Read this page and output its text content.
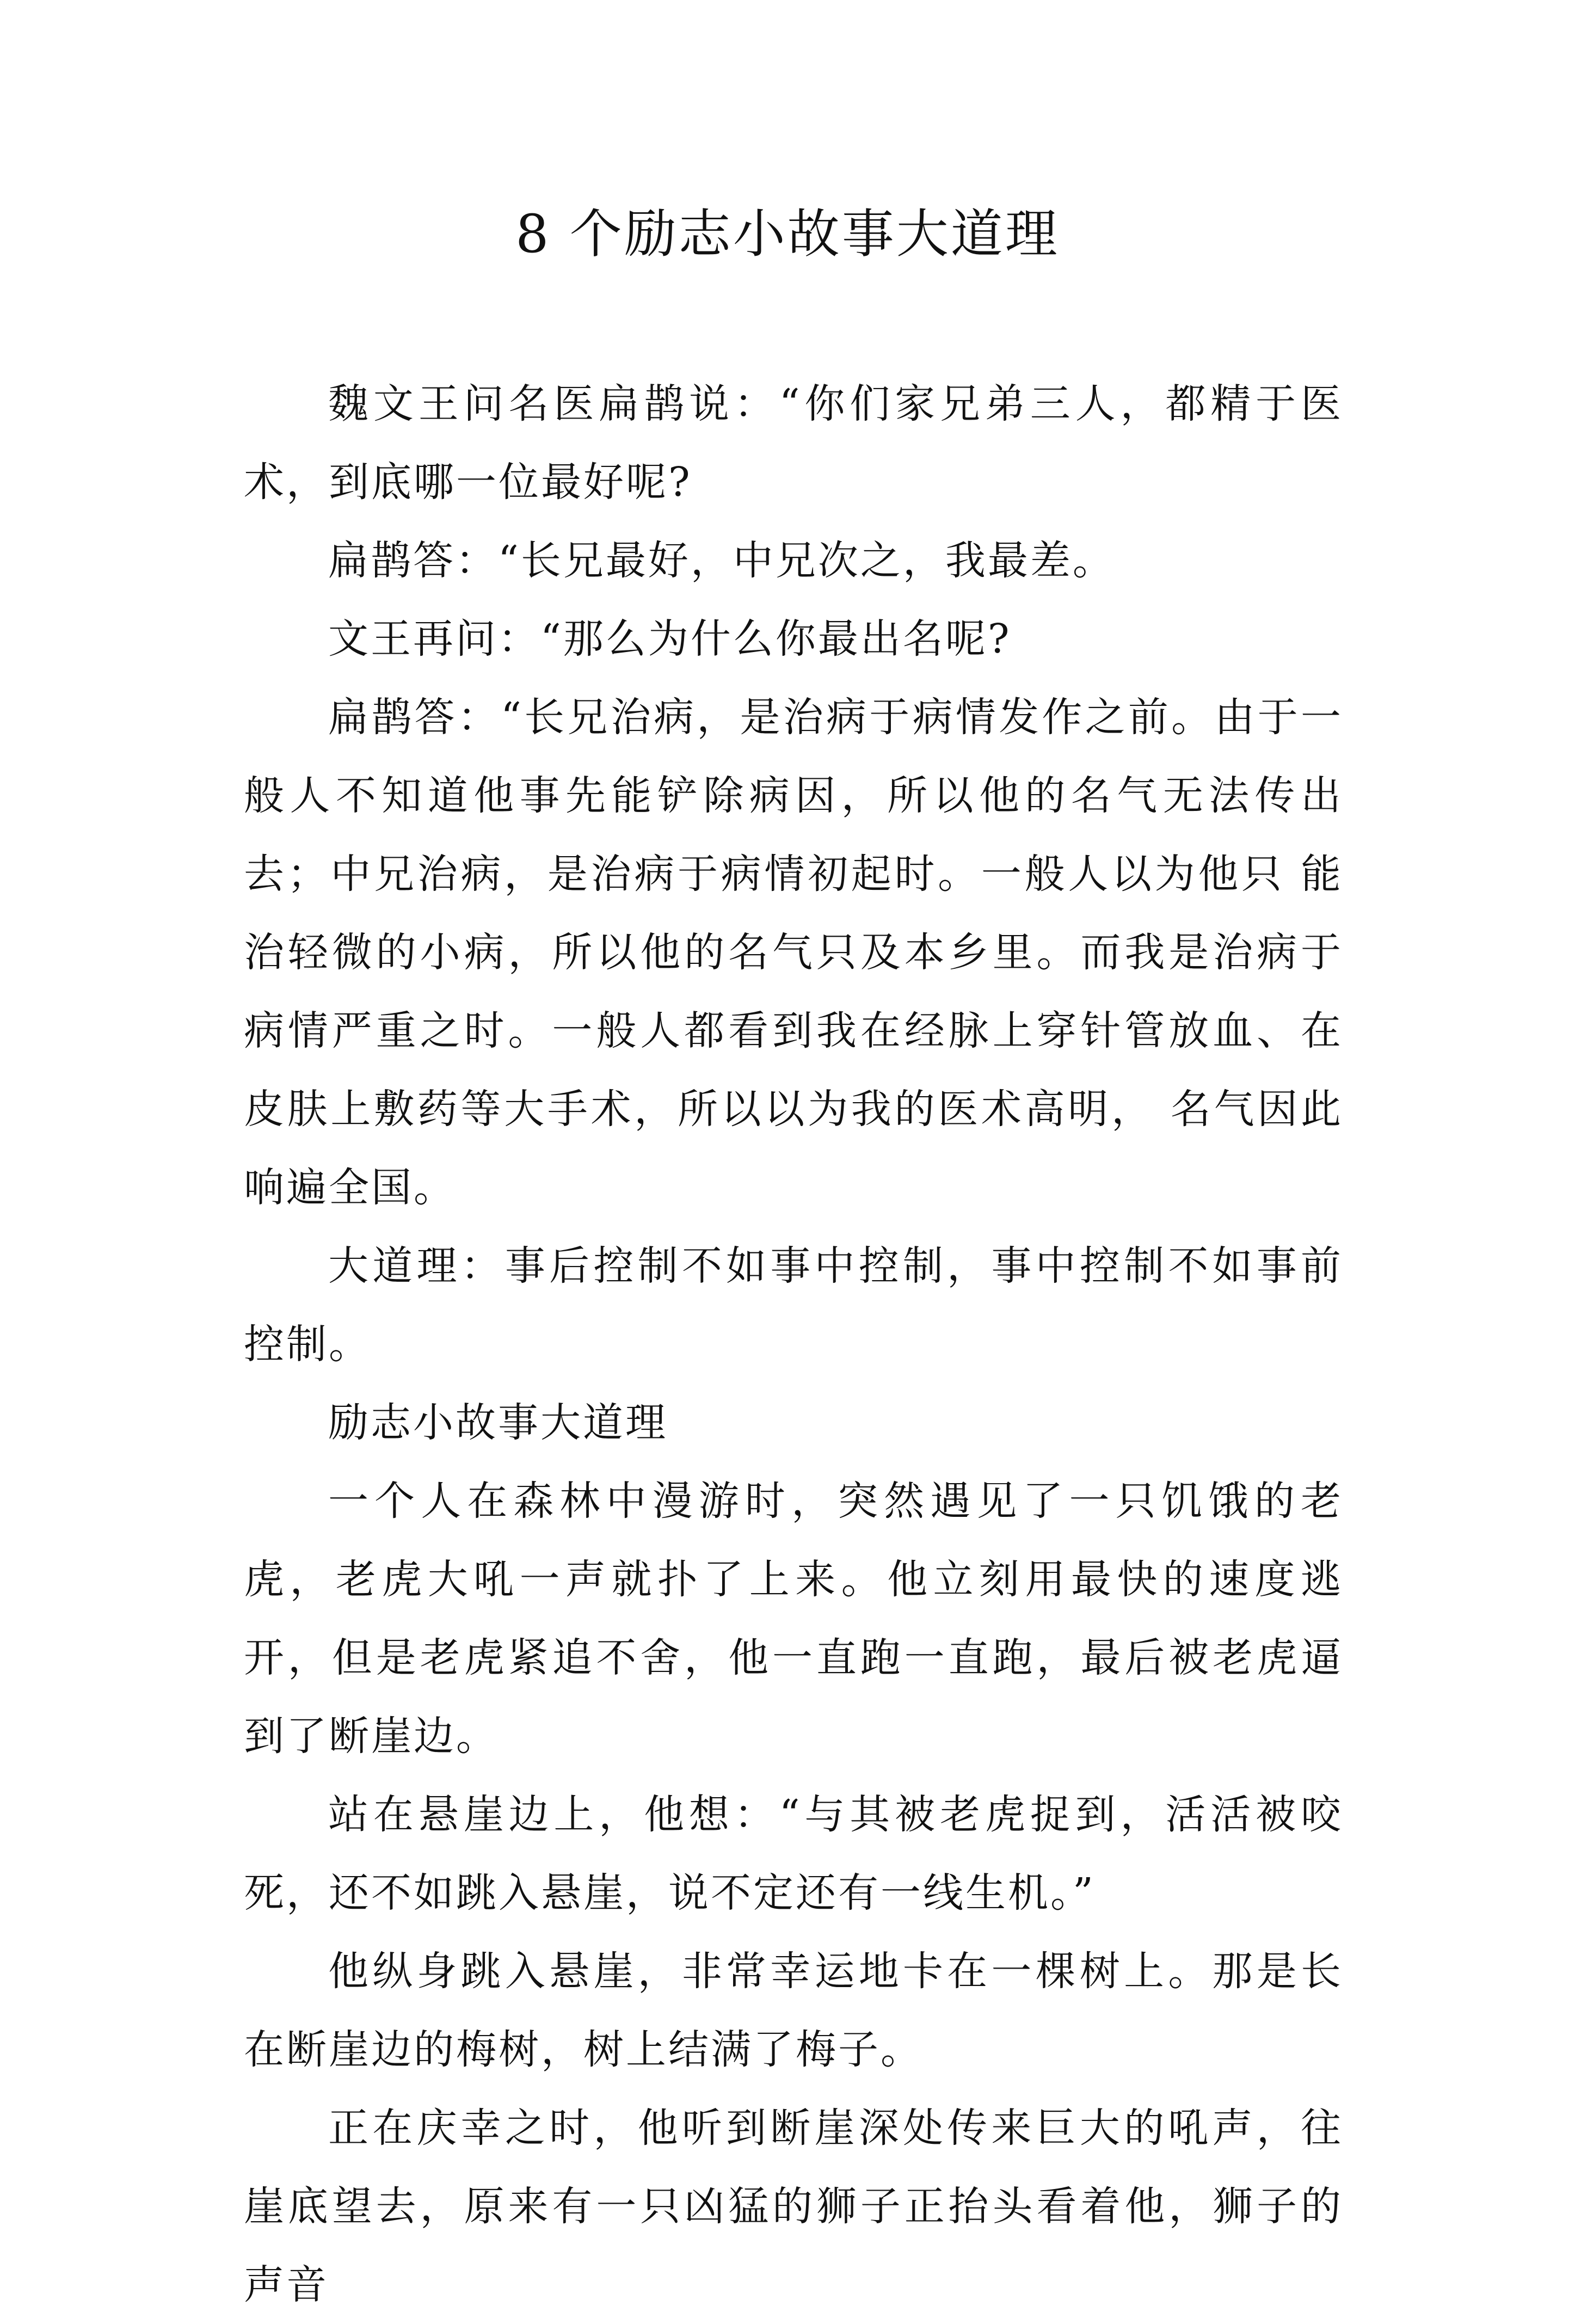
8 个励志小故事大道理

魏文王问名医扁鹊说：“你们家兄弟三人，都精于医术，到底哪一位最好呢?

扁鹊答：“长兄最好，中兄次之，我最差。

文王再问：“那么为什么你最出名呢?

扁鹊答：“长兄治病，是治病于病情发作之前。由于一般人不知道他事先能铲除病因，所以他的名气无法传出去；中兄治病，是治病于病情初起时。一般人以为他只 能治轻微的小病，所以他的名气只及本乡里。而我是治病于病情严重之时。一般人都看到我在经脉上穿针管放血、在皮肤上敷药等大手术，所以以为我的医术高明， 名气因此响遍全国。

大道理：事后控制不如事中控制，事中控制不如事前控制。

励志小故事大道理

一个人在森林中漫游时，突然遇见了一只饥饿的老虎，老虎大吼一声就扑了上来。他立刻用最快的速度逃开，但是老虎紧追不舍，他一直跑一直跑，最后被老虎逼到了断崖边。

站在悬崖边上，他想：“与其被老虎捉到，活活被咬死，还不如跳入悬崖，说不定还有一线生机。”

他纵身跳入悬崖，非常幸运地卡在一棵树上。那是长在断崖边的梅树，树上结满了梅子。

正在庆幸之时，他听到断崖深处传来巨大的吼声，往崖底望去，原来有一只凶猛的狮子正抬头看着他，狮子的声音
